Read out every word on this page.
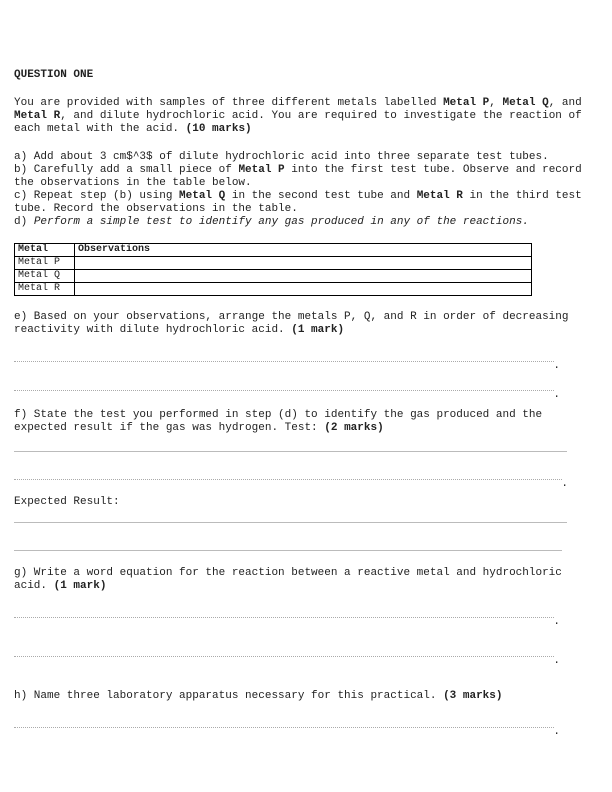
QUESTION ONE

You are provided with samples of three different metals labelled Metal P, Metal Q, and Metal R, and dilute hydrochloric acid. You are required to investigate the reaction of each metal with the acid. (10 marks)

a) Add about 3 cm$^3$ of dilute hydrochloric acid into three separate test tubes.

b) Carefully add a small piece of Metal P into the first test tube. Observe and record the observations in the table below.

c) Repeat step (b) using Metal Q in the second test tube and Metal R in the third test tube. Record the observations in the table.

d) Perform a simple test to identify any gas produced in any of the reactions.

Metal	Observations
Metal P	
Metal Q	
Metal R	

e) Based on your observations, arrange the metals P, Q, and R in order of decreasing reactivity with dilute hydrochloric acid. (1 mark)

.
.

f) State the test you performed in step (d) to identify the gas produced and the expected result if the gas was hydrogen. Test: (2 marks)

.

Expected Result:

g) Write a word equation for the reaction between a reactive metal and hydrochloric acid. (1 mark)

.
.

h) Name three laboratory apparatus necessary for this practical. (3 marks)

.
